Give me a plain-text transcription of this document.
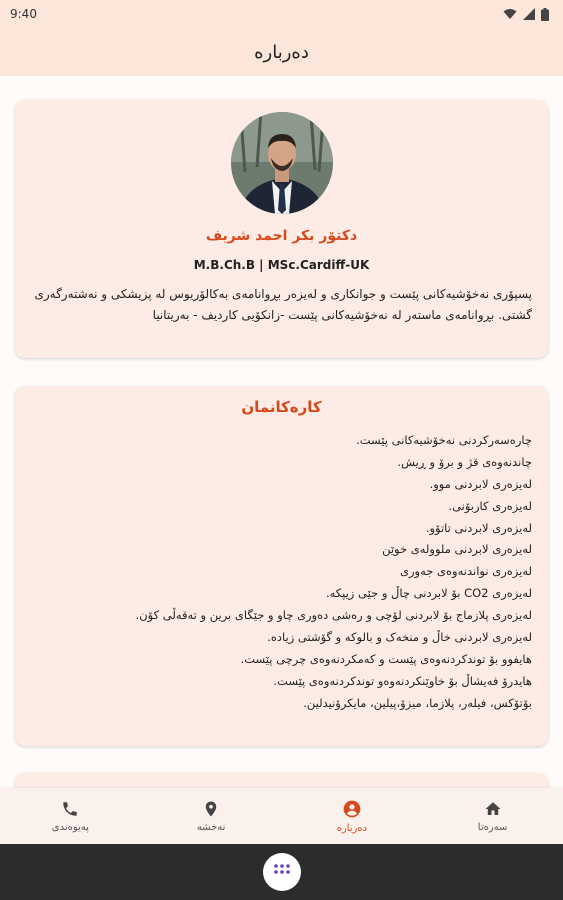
9:40
دەربارە
دکتۆر بکر احمد شریف
M.B.Ch.B | MSc.Cardiff-UK
پسپۆری نەخۆشیەکانی پێست و جوانکاری و لەیزەر بڕوانامەی بەکالۆریوس لە پزیشکی و نەشتەرگەری گشتی. بڕوانامەی ماستەر لە نەخۆشیەکانی پێست -زانکۆیی کاردیف - بەریتانیا
کارەکانمان
چارەسەرکردنی نەخۆشیەکانی پێست.
چاندنەوەی قژ و برۆ و ڕیش.
لەیزەری لابردنی موو.
لەیزەری کاربۆنی.
لەیزەری لابردنی تاتۆو.
لەیزەری لابردنی ملوولەی خوێن
لەیزەری نواندنەوەی جەوری
لەیزەری CO2 بۆ لابردنی چاڵ و جێی زیپکە.
لەیزەری پلازماج بۆ لابردنی لۆچی و رەشی دەوری چاو و جێگای برین و تەقەڵی کۆن.
لەیزەری لابردنی خاڵ و منخەک و بالوکە و گۆشتی زیادە.
هایفوو بۆ توندکردنەوەی پێست و کەمکردنەوەی چرچی پێست.
هایدرۆ فەیشاڵ بۆ خاوێنکردنەوەو توندکردنەوەی پێست.
بۆتۆکس، فیلەر، پلازما، میزۆ،پیلین، مایکرۆنیدلین.
پەیوەندی	نەخشە	دەربارە	سەرەتا
